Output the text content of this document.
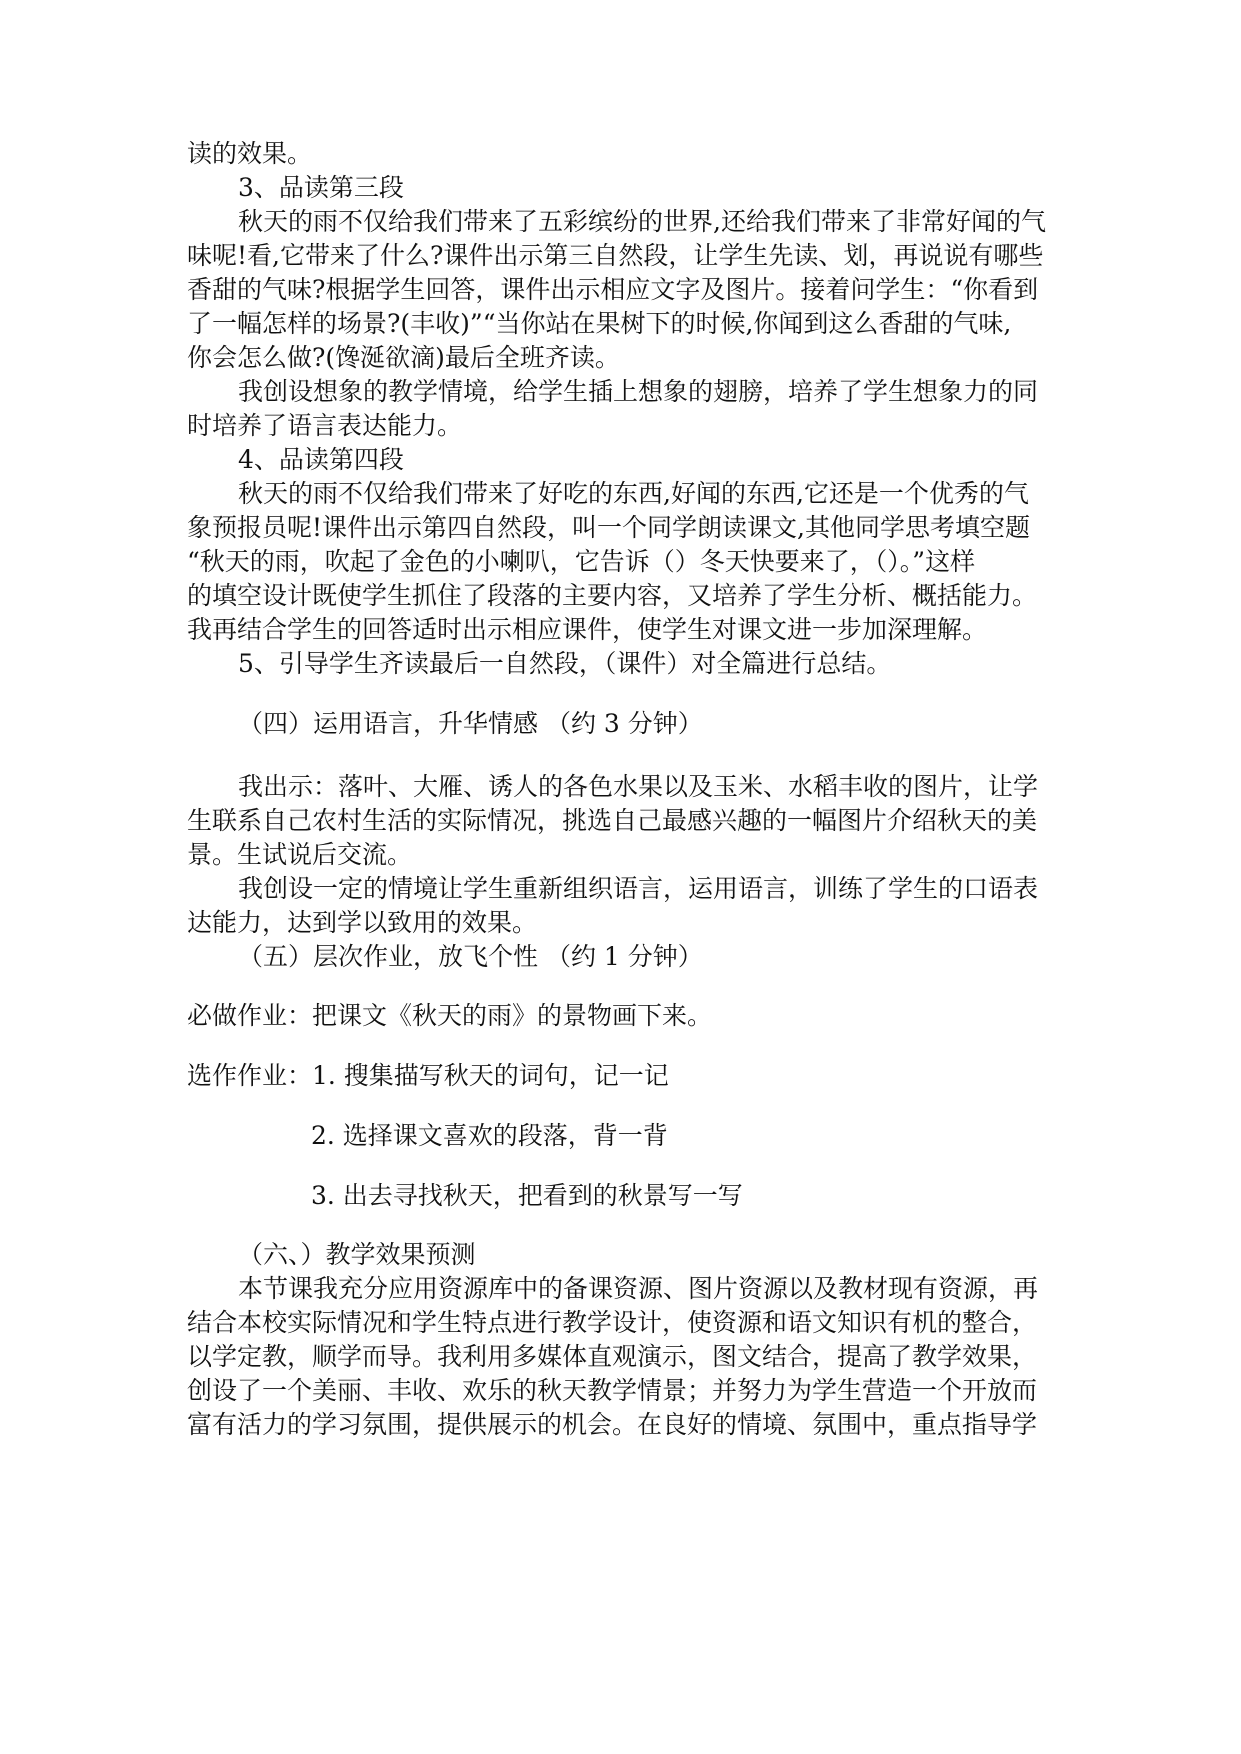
读的效果。
3、品读第三段
秋天的雨不仅给我们带来了五彩缤纷的世界,还给我们带来了非常好闻的气
味呢!看,它带来了什么?课件出示第三自然段，让学生先读、划，再说说有哪些
香甜的气味?根据学生回答，课件出示相应文字及图片。接着问学生：“你看到
了一幅怎样的场景?(丰收)”“当你站在果树下的时候,你闻到这么香甜的气味,
你会怎么做?(馋涎欲滴)最后全班齐读。
我创设想象的教学情境，给学生插上想象的翅膀，培养了学生想象力的同
时培养了语言表达能力。
4、品读第四段
秋天的雨不仅给我们带来了好吃的东西,好闻的东西,它还是一个优秀的气
象预报员呢!课件出示第四自然段，叫一个同学朗读课文,其他同学思考填空题
“秋天的雨，吹起了金色的小喇叭，它告诉（）冬天快要来了，（）。”这样
的填空设计既使学生抓住了段落的主要内容，又培养了学生分析、概括能力。
我再结合学生的回答适时出示相应课件，使学生对课文进一步加深理解。
5、引导学生齐读最后一自然段，（课件）对全篇进行总结。
（四）运用语言，升华情感 （约 3 分钟）
我出示：落叶、大雁、诱人的各色水果以及玉米、水稻丰收的图片，让学
生联系自己农村生活的实际情况，挑选自己最感兴趣的一幅图片介绍秋天的美
景。生试说后交流。
我创设一定的情境让学生重新组织语言，运用语言，训练了学生的口语表
达能力，达到学以致用的效果。
（五）层次作业，放飞个性 （约 1 分钟）
必做作业：把课文《秋天的雨》的景物画下来。
选作作业：1. 搜集描写秋天的词句，记一记
2. 选择课文喜欢的段落，背一背
3. 出去寻找秋天，把看到的秋景写一写
（六、）教学效果预测
本节课我充分应用资源库中的备课资源、图片资源以及教材现有资源，再
结合本校实际情况和学生特点进行教学设计，使资源和语文知识有机的整合，
以学定教，顺学而导。我利用多媒体直观演示，图文结合，提高了教学效果，
创设了一个美丽、丰收、欢乐的秋天教学情景；并努力为学生营造一个开放而
富有活力的学习氛围，提供展示的机会。在良好的情境、氛围中，重点指导学
